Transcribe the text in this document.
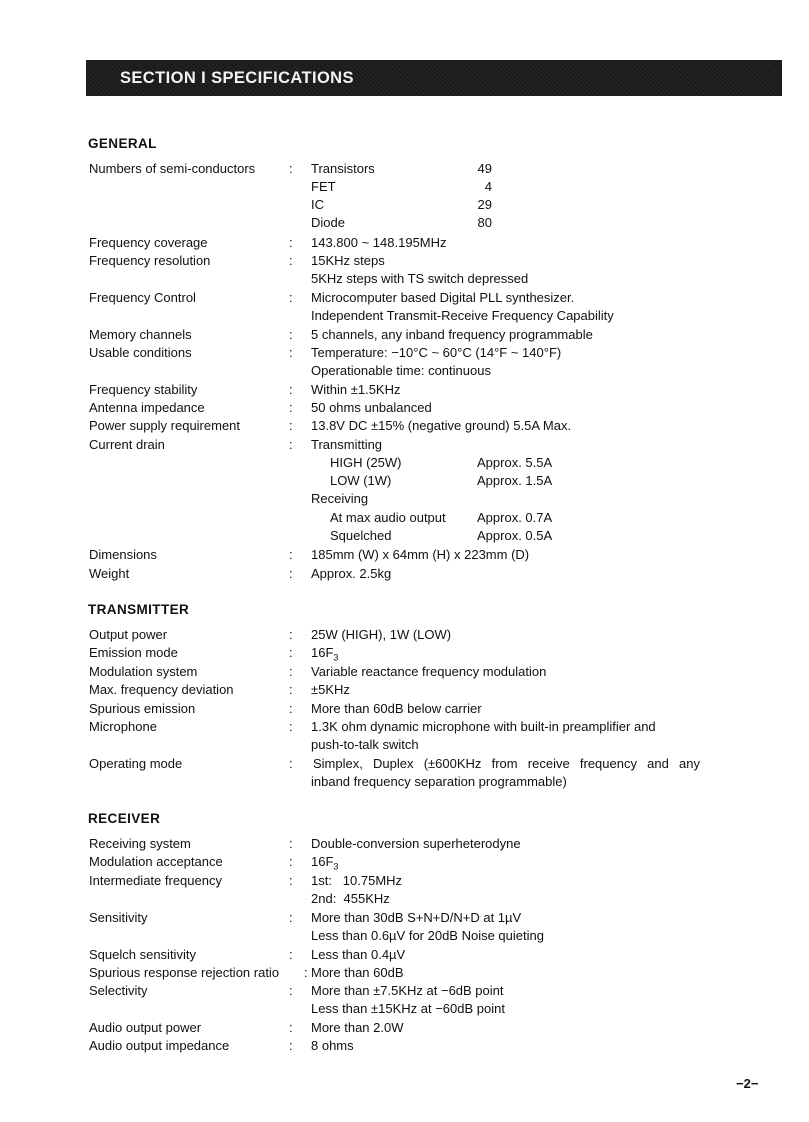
SECTION I SPECIFICATIONS
GENERAL
Numbers of semi-conductors	: Transistors	49
FET	4
IC	29
Diode	80
Frequency coverage	: 143.800 ~ 148.195MHz
Frequency resolution	: 15KHz steps
5KHz steps with TS switch depressed
Frequency Control	: Microcomputer based Digital PLL synthesizer.
Independent Transmit-Receive Frequency Capability
Memory channels	: 5 channels, any inband frequency programmable
Usable conditions	: Temperature: −10°C ~ 60°C (14°F ~ 140°F)
Operationable time: continuous
Frequency stability	: Within ±1.5KHz
Antenna impedance	: 50 ohms unbalanced
Power supply requirement	: 13.8V DC ±15% (negative ground) 5.5A Max.
Current drain	: Transmitting
HIGH (25W)	Approx. 5.5A
LOW (1W)	Approx. 1.5A
Receiving
At max audio output Approx. 0.7A
Squelched	Approx. 0.5A
Dimensions	: 185mm (W) x 64mm (H) x 223mm (D)
Weight	: Approx. 2.5kg
TRANSMITTER
Output power	: 25W (HIGH), 1W (LOW)
Emission mode	: $16F_3$
Modulation system	: Variable reactance frequency modulation
Max. frequency deviation	: ±5KHz
Spurious emission	: More than 60dB below carrier
Microphone	: 1.3K ohm dynamic microphone with built-in preamplifier and
push-to-talk switch
Operating mode	: Simplex, Duplex (±600KHz from receive frequency and any
inband frequency separation programmable)
RECEIVER
Receiving system	: Double-conversion superheterodyne
Modulation acceptance	: $16F_3$
Intermediate frequency	: 1st:   10.75MHz
2nd:  455KHz
Sensitivity	: More than 30dB S+N+D/N+D at 1µV
Less than 0.6µV for 20dB Noise quieting
Squelch sensitivity	: Less than 0.4µV
Spurious response rejection ratio : More than 60dB
Selectivity	: More than ±7.5KHz at −6dB point
Less than ±15KHz at −60dB point
Audio output power	: More than 2.0W
Audio output impedance	: 8 ohms
−2−
